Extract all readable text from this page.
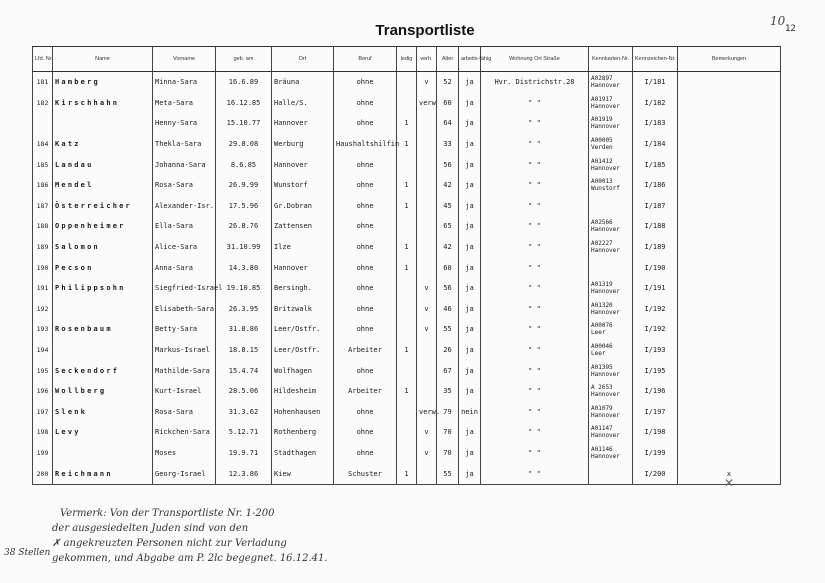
10
Transportliste	12
Lfd. Nr.	Name	Vorname	geb. am	Ort	Beruf	ledig	verh.	Alter	arbeits-fähig	Wohnung Ort Straße	Kennkarten-Nr.	Kennzeichen-Nr.	Bemerkungen
181	Hamberg	Minna-Sara	16.6.89	Bräuna	ohne		v	52	ja	Hvr. Districhstr.28	A02897 Hannover	I/181	
182	Kirschhahn	Meta-Sara	16.12.85	Halle/S.	ohne		verw	60	ja	" "	A01917 Hannover	I/182	
		Henny-Sara	15.10.77	Hannover	ohne	1		64	ja	" "	A01919 Hannover	I/183	
184	Katz	Thekla-Sara	29.8.08	Werburg	Haushaltshilfin	1		33	ja	" "	A00005 Verden	I/184	
185	Landau	Johanna-Sara	8.6.85	Hannover	ohne			56	ja	" "	A01412 Hannover	I/185	
186	Mendel	Rosa-Sara	26.9.99	Wunstorf	ohne	1		42	ja	" "	A00013 Wunstorf	I/186	
187	Österreicher	Alexander-Isr.	17.5.96	Gr.Dobran	ohne	1		45	ja	" "		I/187	
188	Oppenheimer	Ella-Sara	26.8.76	Zattensen	ohne			65	ja	" "	A02566 Hannover	I/188	
189	Salomon	Alice-Sara	31.10.99	Ilze	ohne	1		42	ja	" "	A02227 Hannover	I/189	
190	Pecson	Anna-Sara	14.3.80	Hannover	ohne	1		60	ja	" "		I/190	
191	Philippsohn	Siegfried-Israel	19.10.85	Bersingh.	ohne		v	56	ja	" "	A01319 Hannover	I/191	
192		Elisabeth-Sara	26.3.95	Britzwalk	ohne		v	46	ja	" "	A01320 Hannover	I/192	
193	Rosenbaum	Betty-Sara	31.8.86	Leer/Ostfr.	ohne		v	55	ja	" "	A00076 Leer	I/192	
194		Markus-Israel	18.8.15	Leer/Ostfr.	Arbeiter	1		26	ja	" "	A00046 Leer	I/193	
195	Seckendorf	Mathilde-Sara	15.4.74	Wolfhagen	ohne			67	ja	" "	A01395 Hannover	I/195	
196	Wollberg	Kurt-Israel	28.5.06	Hildesheim	Arbeiter	1		35	ja	" "	A 2653 Hannover	I/196	
197	Slenk	Rosa-Sara	31.3.62	Hohenhausen	ohne		verw.	79	nein	" "	A01079 Hannover	I/197	
198	Levy	Rickchen-Sara	5.12.71	Rothenberg	ohne		v	70	ja	" "	A01147 Hannover	I/198	
199		Moses	19.9.71	Stadthagen	ohne		v	70	ja	" "	A01146 Hannover	I/199	
200	Reichmann	Georg-Israel	12.3.86	Kiew	Schuster	1		55	ja	" "		I/200	x
Vermerk: Von der Transportliste Nr. 1-200
der ausgesiedelten Juden sind von den
✗ angekreuzten Personen nicht zur Verladung
gekommen, und Abgabe am P. 2lc begegnet. 16.12.41.
38 Stellen
✕
